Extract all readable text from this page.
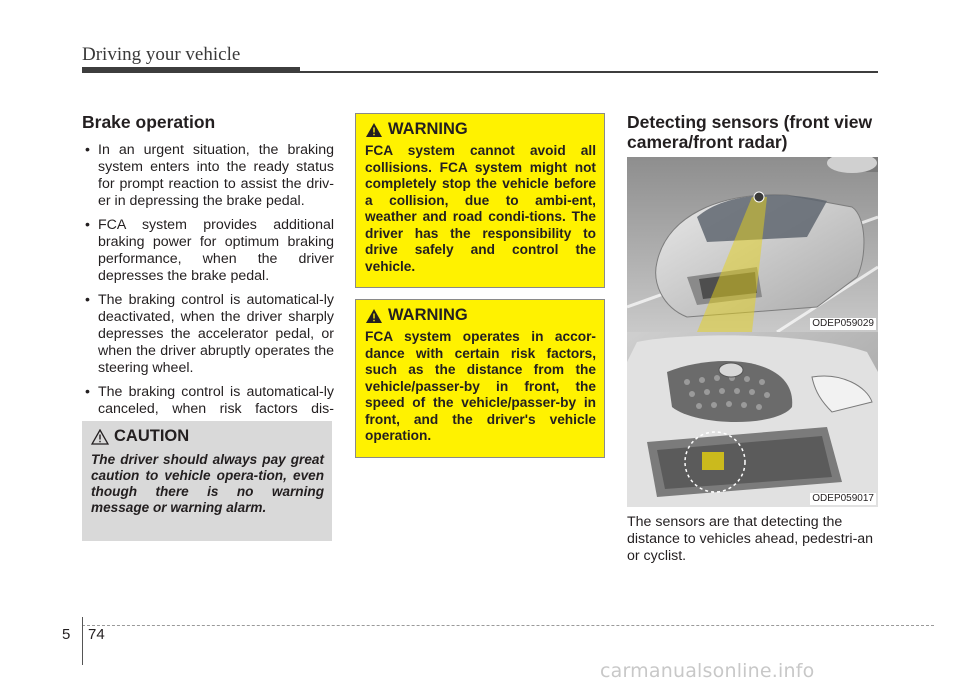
Driving your vehicle
Brake operation
• In an urgent situation, the braking system enters into the ready status for prompt reaction to assist the driv-er in depressing the brake pedal.
• FCA system provides additional braking power for optimum braking performance, when the driver depresses the brake pedal.
• The braking control is automatical-ly deactivated, when the driver sharply depresses the accelerator pedal, or when the driver abruptly operates the steering wheel.
• The braking control is automatical-ly canceled, when risk factors dis-
CAUTION
The driver should always pay great caution to vehicle opera-tion, even though there is no warning message or warning alarm.
WARNING
FCA system cannot avoid all collisions. FCA system might not completely stop the vehicle before a collision, due to ambi-ent, weather and road condi-tions. The driver has the responsibility to drive safely and control the vehicle.
WARNING
FCA system operates in accor-dance with certain risk factors, such as the distance from the vehicle/passer-by in front, the speed of the vehicle/passer-by in front, and the driver's vehicle operation.
Detecting sensors (front view
camera/front radar)
ODEP059029
ODEP059017
The sensors are that detecting the distance to vehicles ahead, pedestri-an or cyclist.
5 74
carmanualsonline.info
